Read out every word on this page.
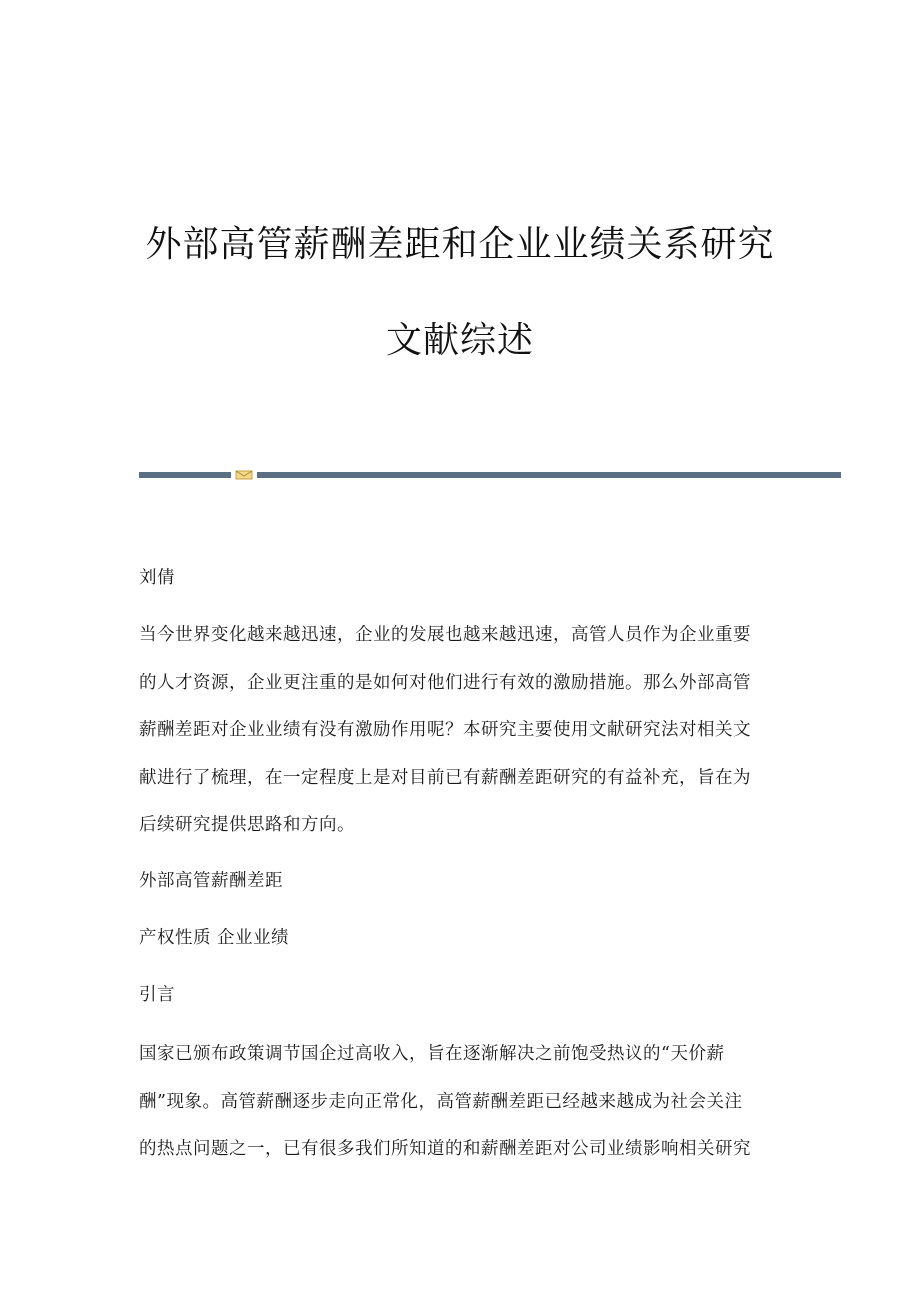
外部高管薪酬差距和企业业绩关系研究
文献综述
刘倩
当今世界变化越来越迅速，企业的发展也越来越迅速，高管人员作为企业重要
的人才资源，企业更注重的是如何对他们进行有效的激励措施。那么外部高管
薪酬差距对企业业绩有没有激励作用呢？本研究主要使用文献研究法对相关文
献进行了梳理，在一定程度上是对目前已有薪酬差距研究的有益补充，旨在为
后续研究提供思路和方向。
外部高管薪酬差距
产权性质 企业业绩
引言
国家已颁布政策调节国企过高收入，旨在逐渐解决之前饱受热议的“天价薪
酬”现象。高管薪酬逐步走向正常化，高管薪酬差距已经越来越成为社会关注
的热点问题之一，已有很多我们所知道的和薪酬差距对公司业绩影响相关研究
